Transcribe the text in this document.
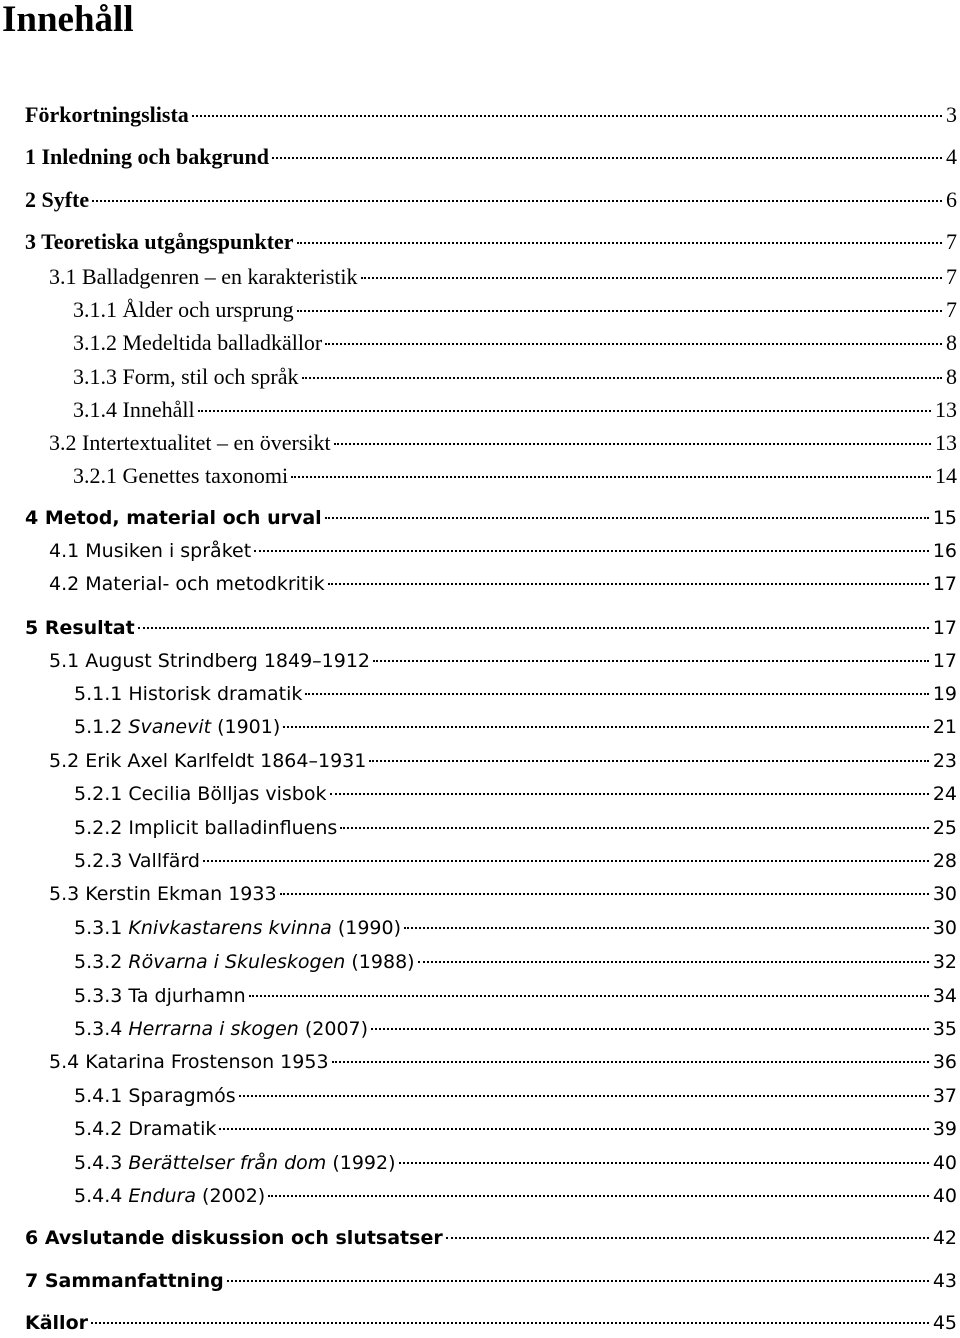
Innehåll
Förkortningslista	3
1 Inledning och bakgrund	4
2 Syfte	6
3 Teoretiska utgångspunkter	7
3.1 Balladgenren – en karakteristik	7
3.1.1 Ålder och ursprung	7
3.1.2 Medeltida balladkällor	8
3.1.3 Form, stil och språk	8
3.1.4 Innehåll	13
3.2 Intertextualitet – en översikt	13
3.2.1 Genettes taxonomi	14
4 Metod, material och urval	15
4.1 Musiken i språket	16
4.2 Material- och metodkritik	17
5 Resultat	17
5.1 August Strindberg 1849–1912	17
5.1.1 Historisk dramatik	19
5.1.2 Svanevit (1901)	21
5.2 Erik Axel Karlfeldt 1864–1931	23
5.2.1 Cecilia Bölljas visbok	24
5.2.2 Implicit balladinfluens	25
5.2.3 Vallfärd	28
5.3 Kerstin Ekman 1933	30
5.3.1 Knivkastarens kvinna (1990)	30
5.3.2 Rövarna i Skuleskogen (1988)	32
5.3.3 Ta djurhamn	34
5.3.4 Herrarna i skogen (2007)	35
5.4 Katarina Frostenson 1953	36
5.4.1 Sparagmós	37
5.4.2 Dramatik	39
5.4.3 Berättelser från dom (1992)	40
5.4.4 Endura (2002)	40
6 Avslutande diskussion och slutsatser	42
7 Sammanfattning	43
Källor	45
